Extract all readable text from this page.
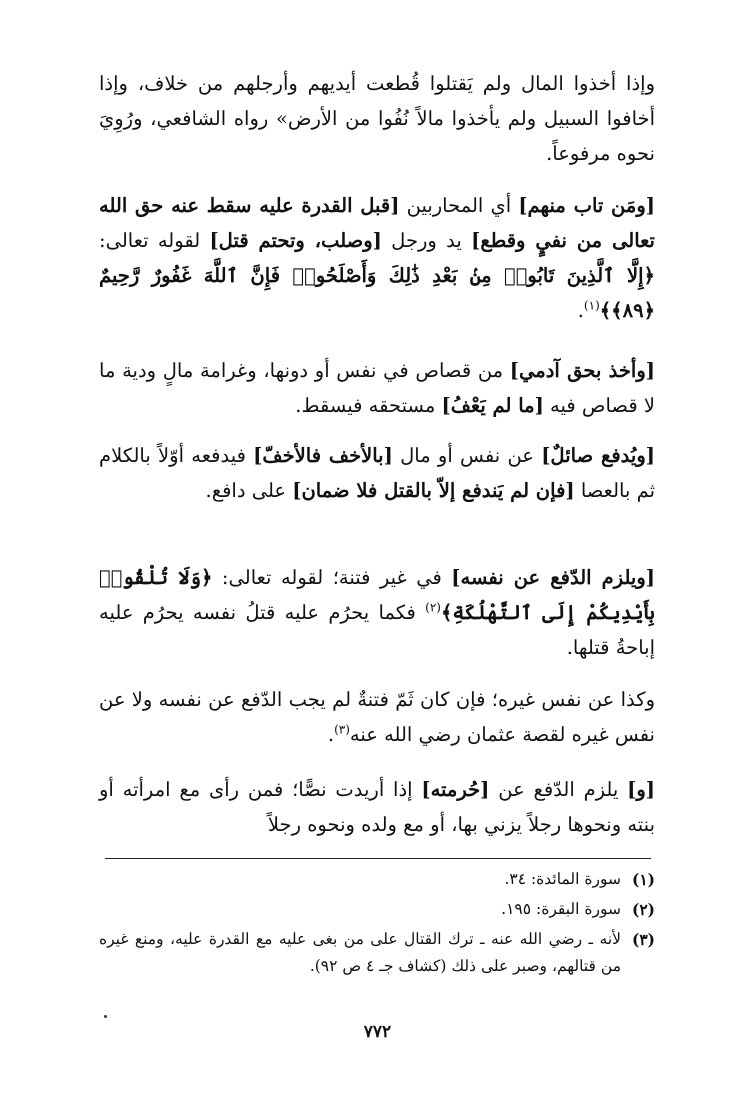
وإذا أخذوا المال ولم يَقتلوا قُطعت أيديهم وأرجلهم من خلاف، وإذا أخافوا السبيل ولم يأخذوا مالاً نُفُوا من الأرض» رواه الشافعي، ورُوِيَ نحوه مرفوعاً.

[ومَن تاب منهم] أي المحاربين [قبل القدرة عليه سقط عنه حق الله تعالى من نفيٍ وقطع] يد ورجل [وصلب، وتحتم قتل] لقوله تعالى: ﴿إِلَّا ٱلَّذِينَ تَابُوا۟ مِنۢ بَعْدِ ذَٰلِكَ وَأَصْلَحُوا۟ فَإِنَّ ٱللَّهَ غَفُورٌ رَّحِيمٌ ﴿٨٩﴾﴾$^{(١)}$.

[وأخذ بحق آدمي] من قصاص في نفس أو دونها، وغرامة مالٍ ودية ما لا قصاص فيه [ما لم يَعْفُ] مستحقه فيسقط.

[ويُدفع صائلٌ] عن نفس أو مال [بالأخف فالأخفّ] فيدفعه أوّلاً بالكلام ثم بالعصا [فإن لم يَندفع إلاّ بالقتل فلا ضمان] على دافع.

[ويلزم الدّفع عن نفسه] في غير فتنة؛ لقوله تعالى: ﴿وَلَا تُلْقُوا۟ بِأَيْدِيكُمْ إِلَى ٱلتَّهْلُكَةِ﴾$^{(٢)}$ فكما يحرُم عليه قتلُ نفسه يحرُم عليه إباحةُ قتلها.

وكذا عن نفس غيره؛ فإن كان ثَمّ فتنةٌ لم يجب الدّفع عن نفسه ولا عن نفس غيره لقصة عثمان رضي الله عنه$^{(٣)}$.

[و] يلزم الدّفع عن [حُرمته] إذا أريدت نصًّا؛ فمن رأى مع امرأته أو بنته ونحوها رجلاً يزني بها، أو مع ولده ونحوه رجلاً

(١)
سورة المائدة: ٣٤.
(٢)
سورة البقرة: ١٩٥.
(٣)
لأنه ـ رضي الله عنه ـ ترك القتال على من بغى عليه مع القدرة عليه، ومنع غيره من قتالهم، وصبر على ذلك (كشاف جـ ٤ ص ٩٢).
٧٧٢
